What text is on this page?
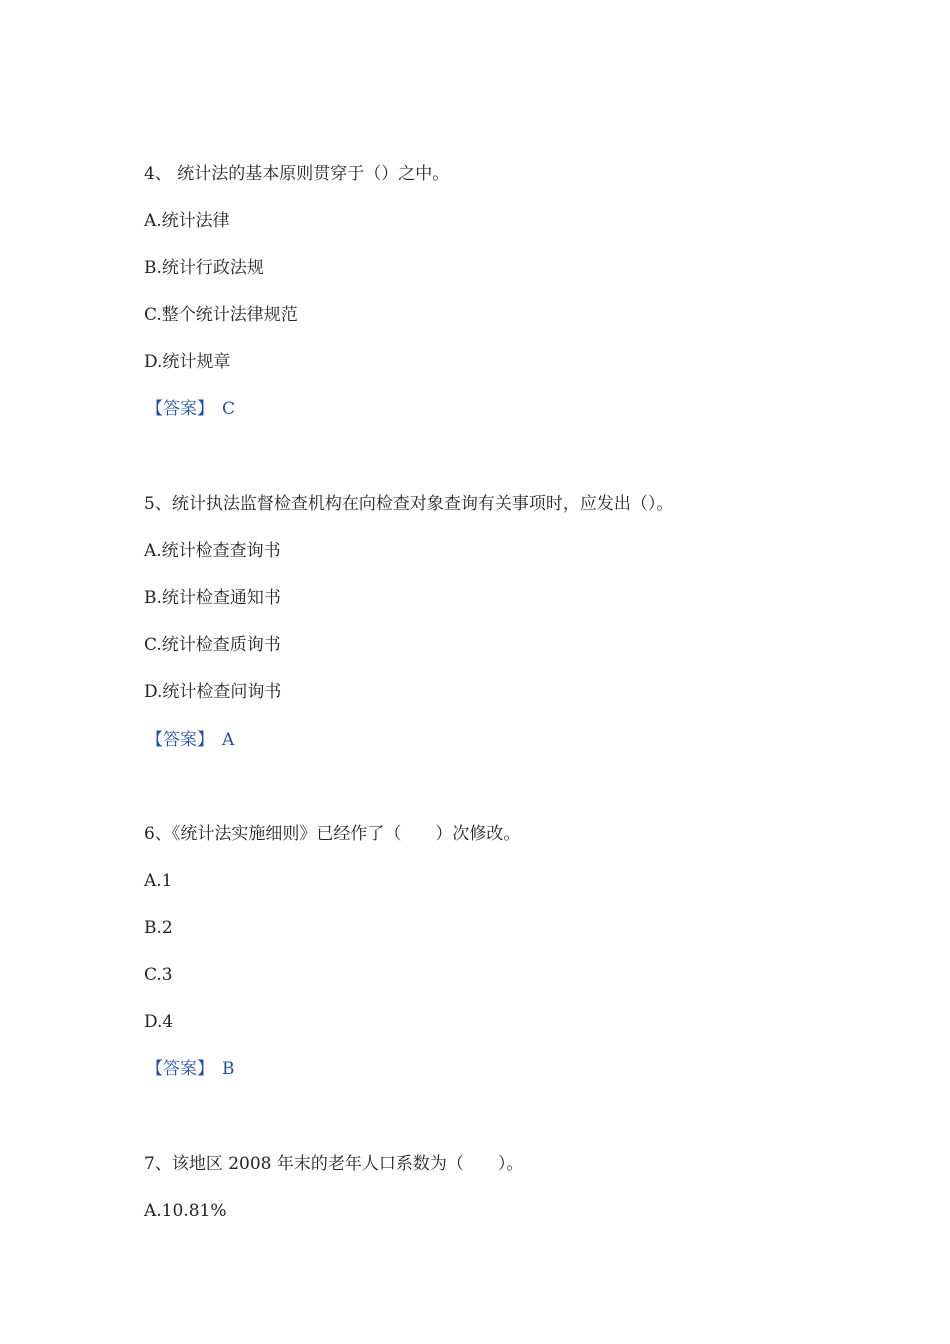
4、 统计法的基本原则贯穿于（）之中。
A.统计法律
B.统计行政法规
C.整个统计法律规范
D.统计规章
【答案】 C
5、统计执法监督检查机构在向检查对象查询有关事项时，应发出（）。
A.统计检查查询书
B.统计检查通知书
C.统计检查质询书
D.统计检查问询书
【答案】 A
6、《统计法实施细则》已经作了（　　）次修改。
A.1
B.2
C.3
D.4
【答案】 B
7、该地区 2008 年末的老年人口系数为（　　）。
A.10.81%
